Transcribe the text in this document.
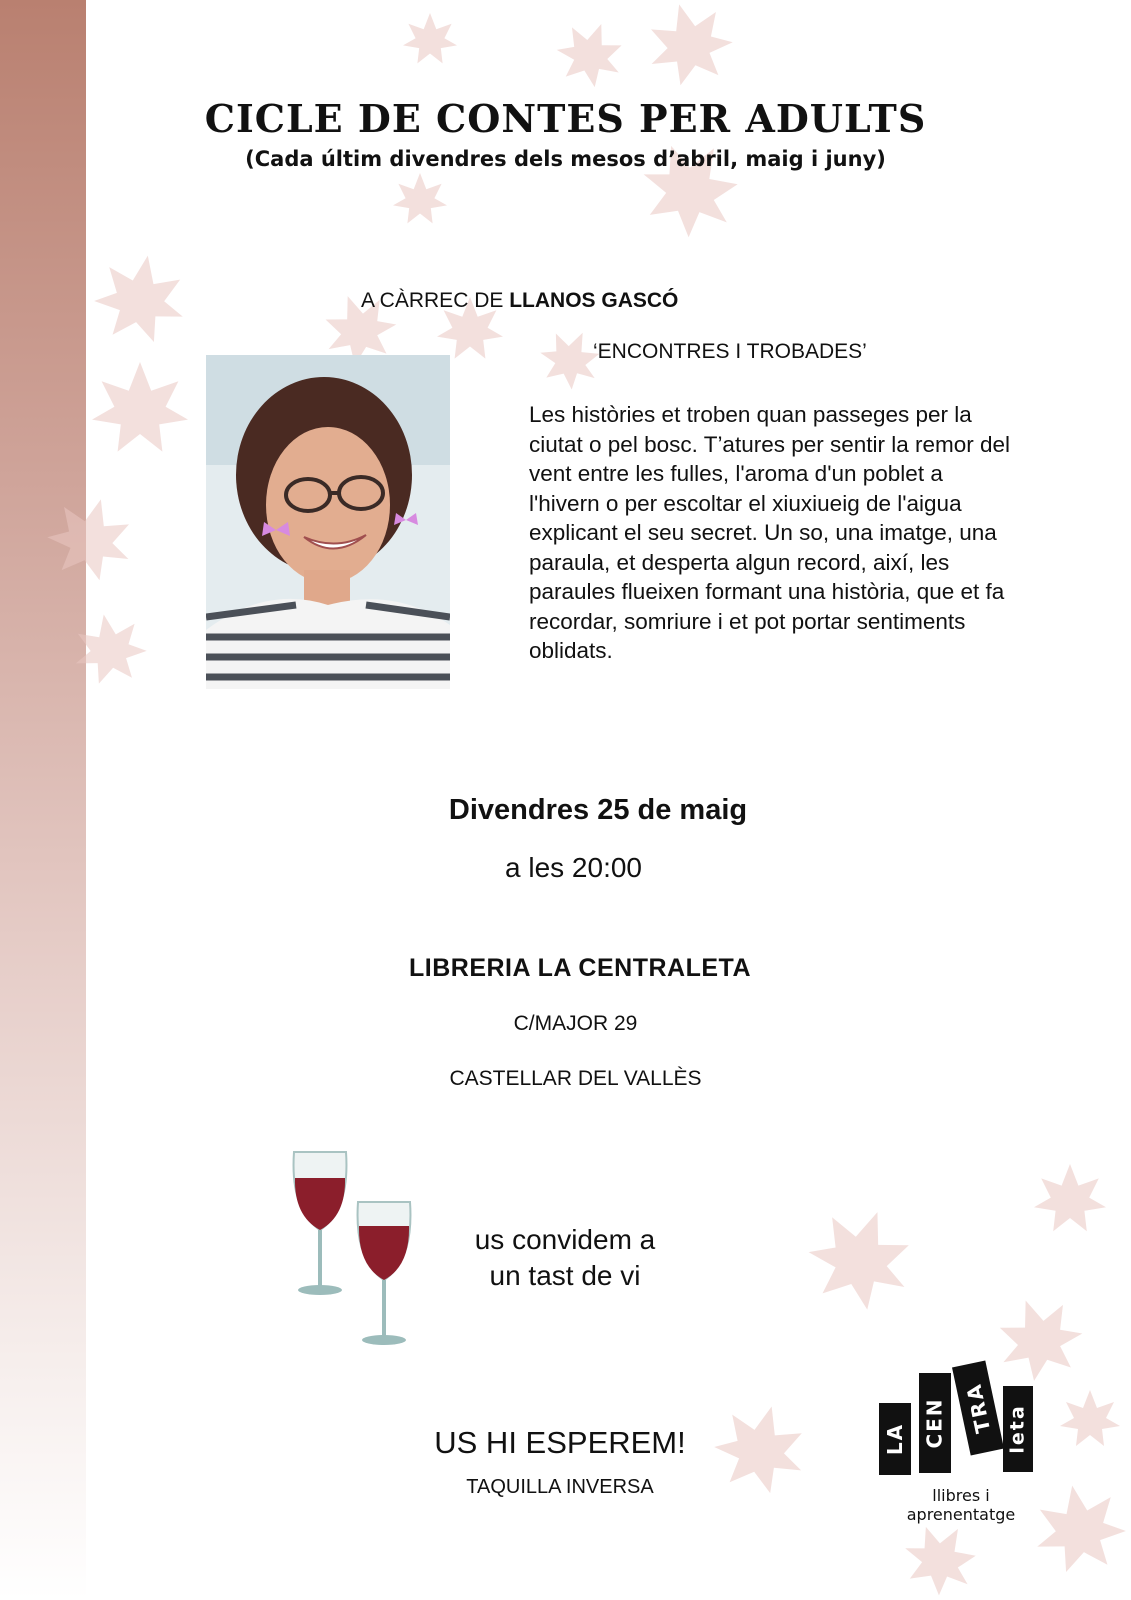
CICLE DE CONTES PER ADULTS
(Cada últim divendres dels mesos d’abril, maig i juny)
A CÀRREC DE LLANOS GASCÓ
‘ENCONTRES I TROBADES’
Les històries et troben quan passeges per la ciutat o pel bosc. T’atures per sentir la remor del vent entre les fulles, l'aroma d'un poblet a l'hivern o per escoltar el xiuxiueig de l'aigua explicant el seu secret. Un so, una imatge, una paraula, et desperta algun record, així, les paraules flueixen formant una història, que et fa recordar, somriure i et pot portar sentiments oblidats.
Divendres 25 de maig
a les 20:00
LIBRERIA LA CENTRALETA
C/MAJOR 29
CASTELLAR DEL VALLÈS
us convidem a
un tast de vi
US HI ESPEREM!
TAQUILLA INVERSA
LA CEN TRA leta
llibres i aprenentatge
